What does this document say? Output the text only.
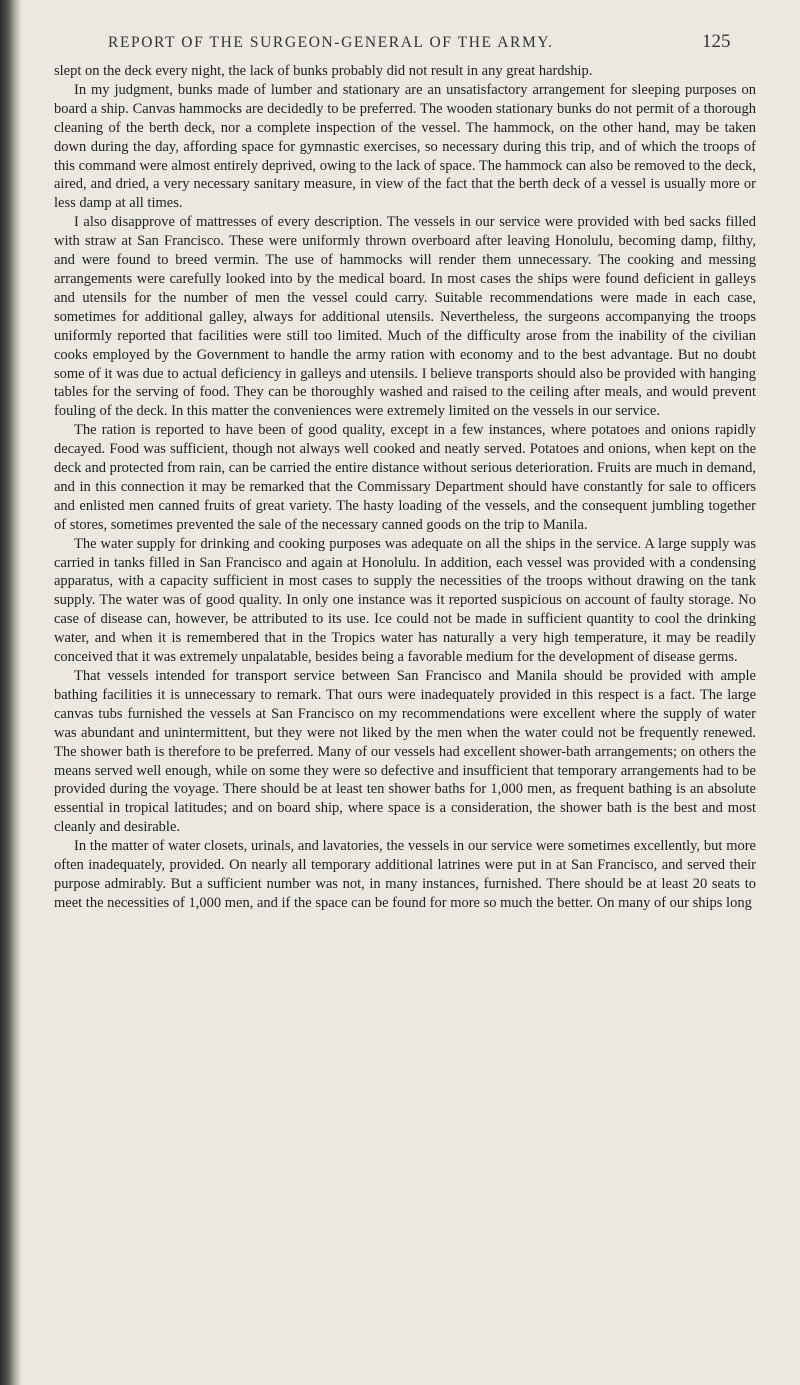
REPORT OF THE SURGEON-GENERAL OF THE ARMY.	125

slept on the deck every night, the lack of bunks probably did not result in any great hardship.

In my judgment, bunks made of lumber and stationary are an unsatisfactory arrangement for sleeping purposes on board a ship. Canvas hammocks are decidedly to be preferred. The wooden stationary bunks do not permit of a thorough cleaning of the berth deck, nor a complete inspection of the vessel. The hammock, on the other hand, may be taken down during the day, affording space for gymnastic exercises, so necessary during this trip, and of which the troops of this command were almost entirely deprived, owing to the lack of space. The hammock can also be removed to the deck, aired, and dried, a very necessary sanitary measure, in view of the fact that the berth deck of a vessel is usually more or less damp at all times.

I also disapprove of mattresses of every description. The vessels in our service were provided with bed sacks filled with straw at San Francisco. These were uniformly thrown overboard after leaving Honolulu, becoming damp, filthy, and were found to breed vermin. The use of hammocks will render them unnecessary. The cooking and messing arrangements were carefully looked into by the medical board. In most cases the ships were found deficient in galleys and utensils for the number of men the vessel could carry. Suitable recommendations were made in each case, sometimes for additional galley, always for additional utensils. Nevertheless, the surgeons accompanying the troops uniformly reported that facilities were still too limited. Much of the difficulty arose from the inability of the civilian cooks employed by the Government to handle the army ration with economy and to the best advantage. But no doubt some of it was due to actual deficiency in galleys and utensils. I believe transports should also be provided with hanging tables for the serving of food. They can be thoroughly washed and raised to the ceiling after meals, and would prevent fouling of the deck. In this matter the conveniences were extremely limited on the vessels in our service.

The ration is reported to have been of good quality, except in a few instances, where potatoes and onions rapidly decayed. Food was sufficient, though not always well cooked and neatly served. Potatoes and onions, when kept on the deck and protected from rain, can be carried the entire distance without serious deterioration. Fruits are much in demand, and in this connection it may be remarked that the Commissary Department should have constantly for sale to officers and enlisted men canned fruits of great variety. The hasty loading of the vessels, and the consequent jumbling together of stores, sometimes prevented the sale of the necessary canned goods on the trip to Manila.

The water supply for drinking and cooking purposes was adequate on all the ships in the service. A large supply was carried in tanks filled in San Francisco and again at Honolulu. In addition, each vessel was provided with a condensing apparatus, with a capacity sufficient in most cases to supply the necessities of the troops without drawing on the tank supply. The water was of good quality. In only one instance was it reported suspicious on account of faulty storage. No case of disease can, however, be attributed to its use. Ice could not be made in sufficient quantity to cool the drinking water, and when it is remembered that in the Tropics water has naturally a very high temperature, it may be readily conceived that it was extremely unpalatable, besides being a favorable medium for the development of disease germs.

That vessels intended for transport service between San Francisco and Manila should be provided with ample bathing facilities it is unnecessary to remark. That ours were inadequately provided in this respect is a fact. The large canvas tubs furnished the vessels at San Francisco on my recommendations were excellent where the supply of water was abundant and unintermittent, but they were not liked by the men when the water could not be frequently renewed. The shower bath is therefore to be preferred. Many of our vessels had excellent shower-bath arrangements; on others the means served well enough, while on some they were so defective and insufficient that temporary arrangements had to be provided during the voyage. There should be at least ten shower baths for 1,000 men, as frequent bathing is an absolute essential in tropical latitudes; and on board ship, where space is a consideration, the shower bath is the best and most cleanly and desirable.

In the matter of water closets, urinals, and lavatories, the vessels in our service were sometimes excellently, but more often inadequately, provided. On nearly all temporary additional latrines were put in at San Francisco, and served their purpose admirably. But a sufficient number was not, in many instances, furnished. There should be at least 20 seats to meet the necessities of 1,000 men, and if the space can be found for more so much the better. On many of our ships long
